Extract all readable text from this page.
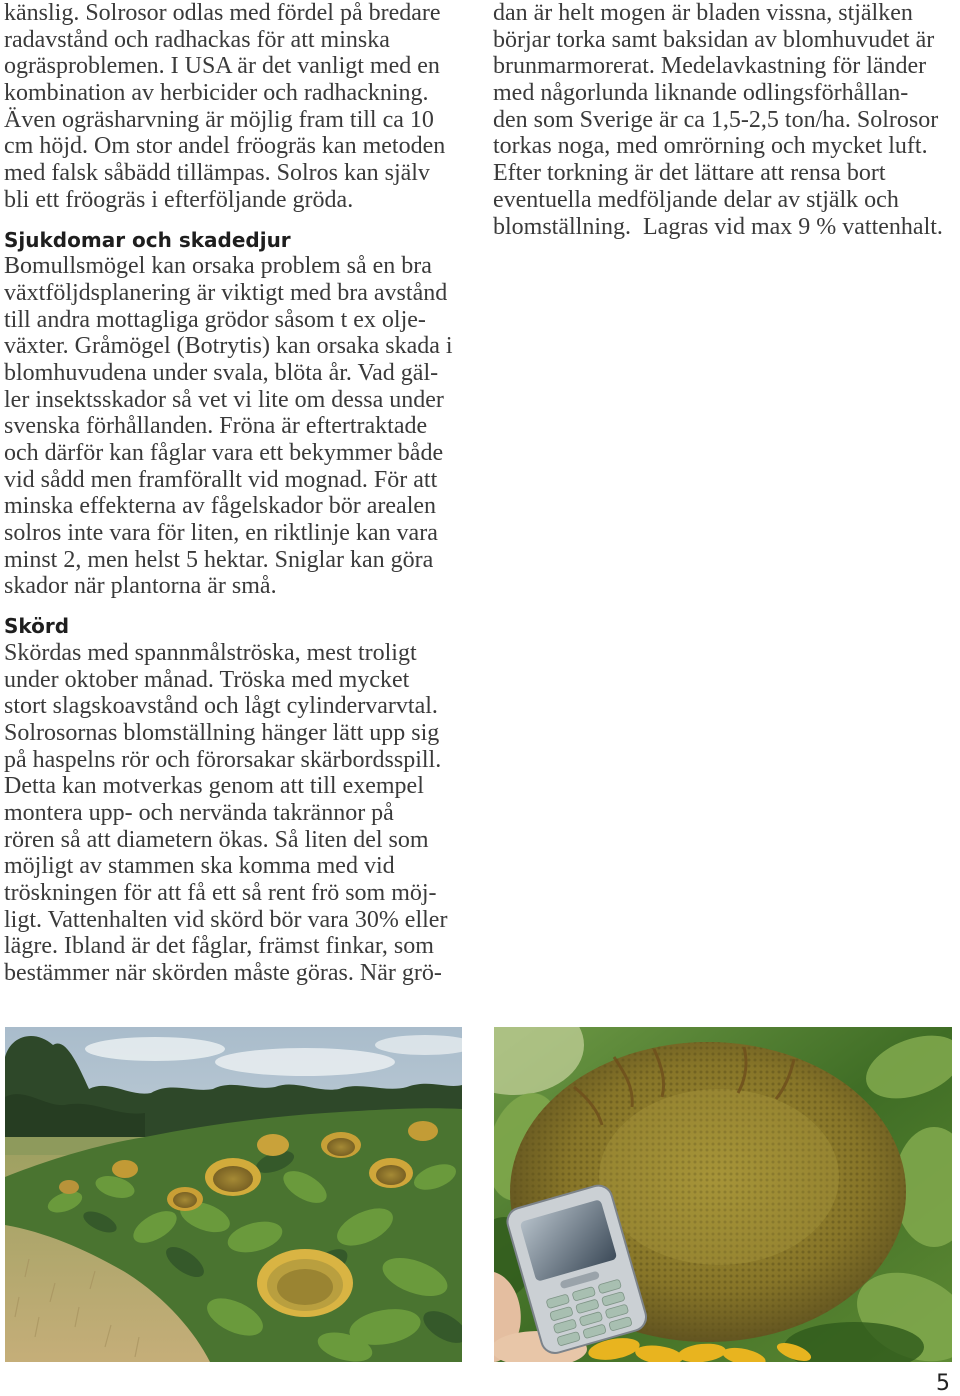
känslig. Solrosor odlas med fördel på bredare
radavstånd och radhackas för att minska
ogräsproblemen. I USA är det vanligt med en
kombination av herbicider och radhackning.
Även ogräsharvning är möjlig fram till ca 10
cm höjd. Om stor andel fröogräs kan metoden
med falsk såbädd tillämpas. Solros kan själv
bli ett fröogräs i efterföljande gröda.
Sjukdomar och skadedjur
Bomullsmögel kan orsaka problem så en bra
växtföljdsplanering är viktigt med bra avstånd
till andra mottagliga grödor såsom t ex olje-
växter. Gråmögel (Botrytis) kan orsaka skada i
blomhuvudena under svala, blöta år. Vad gäl-
ler insektsskador så vet vi lite om dessa under
svenska förhållanden. Fröna är eftertraktade
och därför kan fåglar vara ett bekymmer både
vid sådd men framförallt vid mognad. För att
minska effekterna av fågelskador bör arealen
solros inte vara för liten, en riktlinje kan vara
minst 2, men helst 5 hektar. Sniglar kan göra
skador när plantorna är små.
Skörd
Skördas med spannmålströska, mest troligt
under oktober månad. Tröska med mycket
stort slagskoavstånd och lågt cylindervarvtal.
Solrosornas blomställning hänger lätt upp sig
på haspelns rör och förorsakar skärbordsspill.
Detta kan motverkas genom att till exempel
montera upp- och nervända takrännor på
rören så att diametern ökas. Så liten del som
möjligt av stammen ska komma med vid
tröskningen för att få ett så rent frö som möj-
ligt. Vattenhalten vid skörd bör vara 30% eller
lägre. Ibland är det fåglar, främst finkar, som
bestämmer när skörden måste göras. När grö-
dan är helt mogen är bladen vissna, stjälken
börjar torka samt baksidan av blomhuvudet är
brunmarmorerat. Medelavkastning för länder
med någorlunda liknande odlingsförhållan-
den som Sverige är ca 1,5-2,5 ton/ha. Solrosor
torkas noga, med omrörning och mycket luft.
Efter torkning är det lättare att rensa bort
eventuella medföljande delar av stjälk och
blomställning.  Lagras vid max 9 % vattenhalt.
5
